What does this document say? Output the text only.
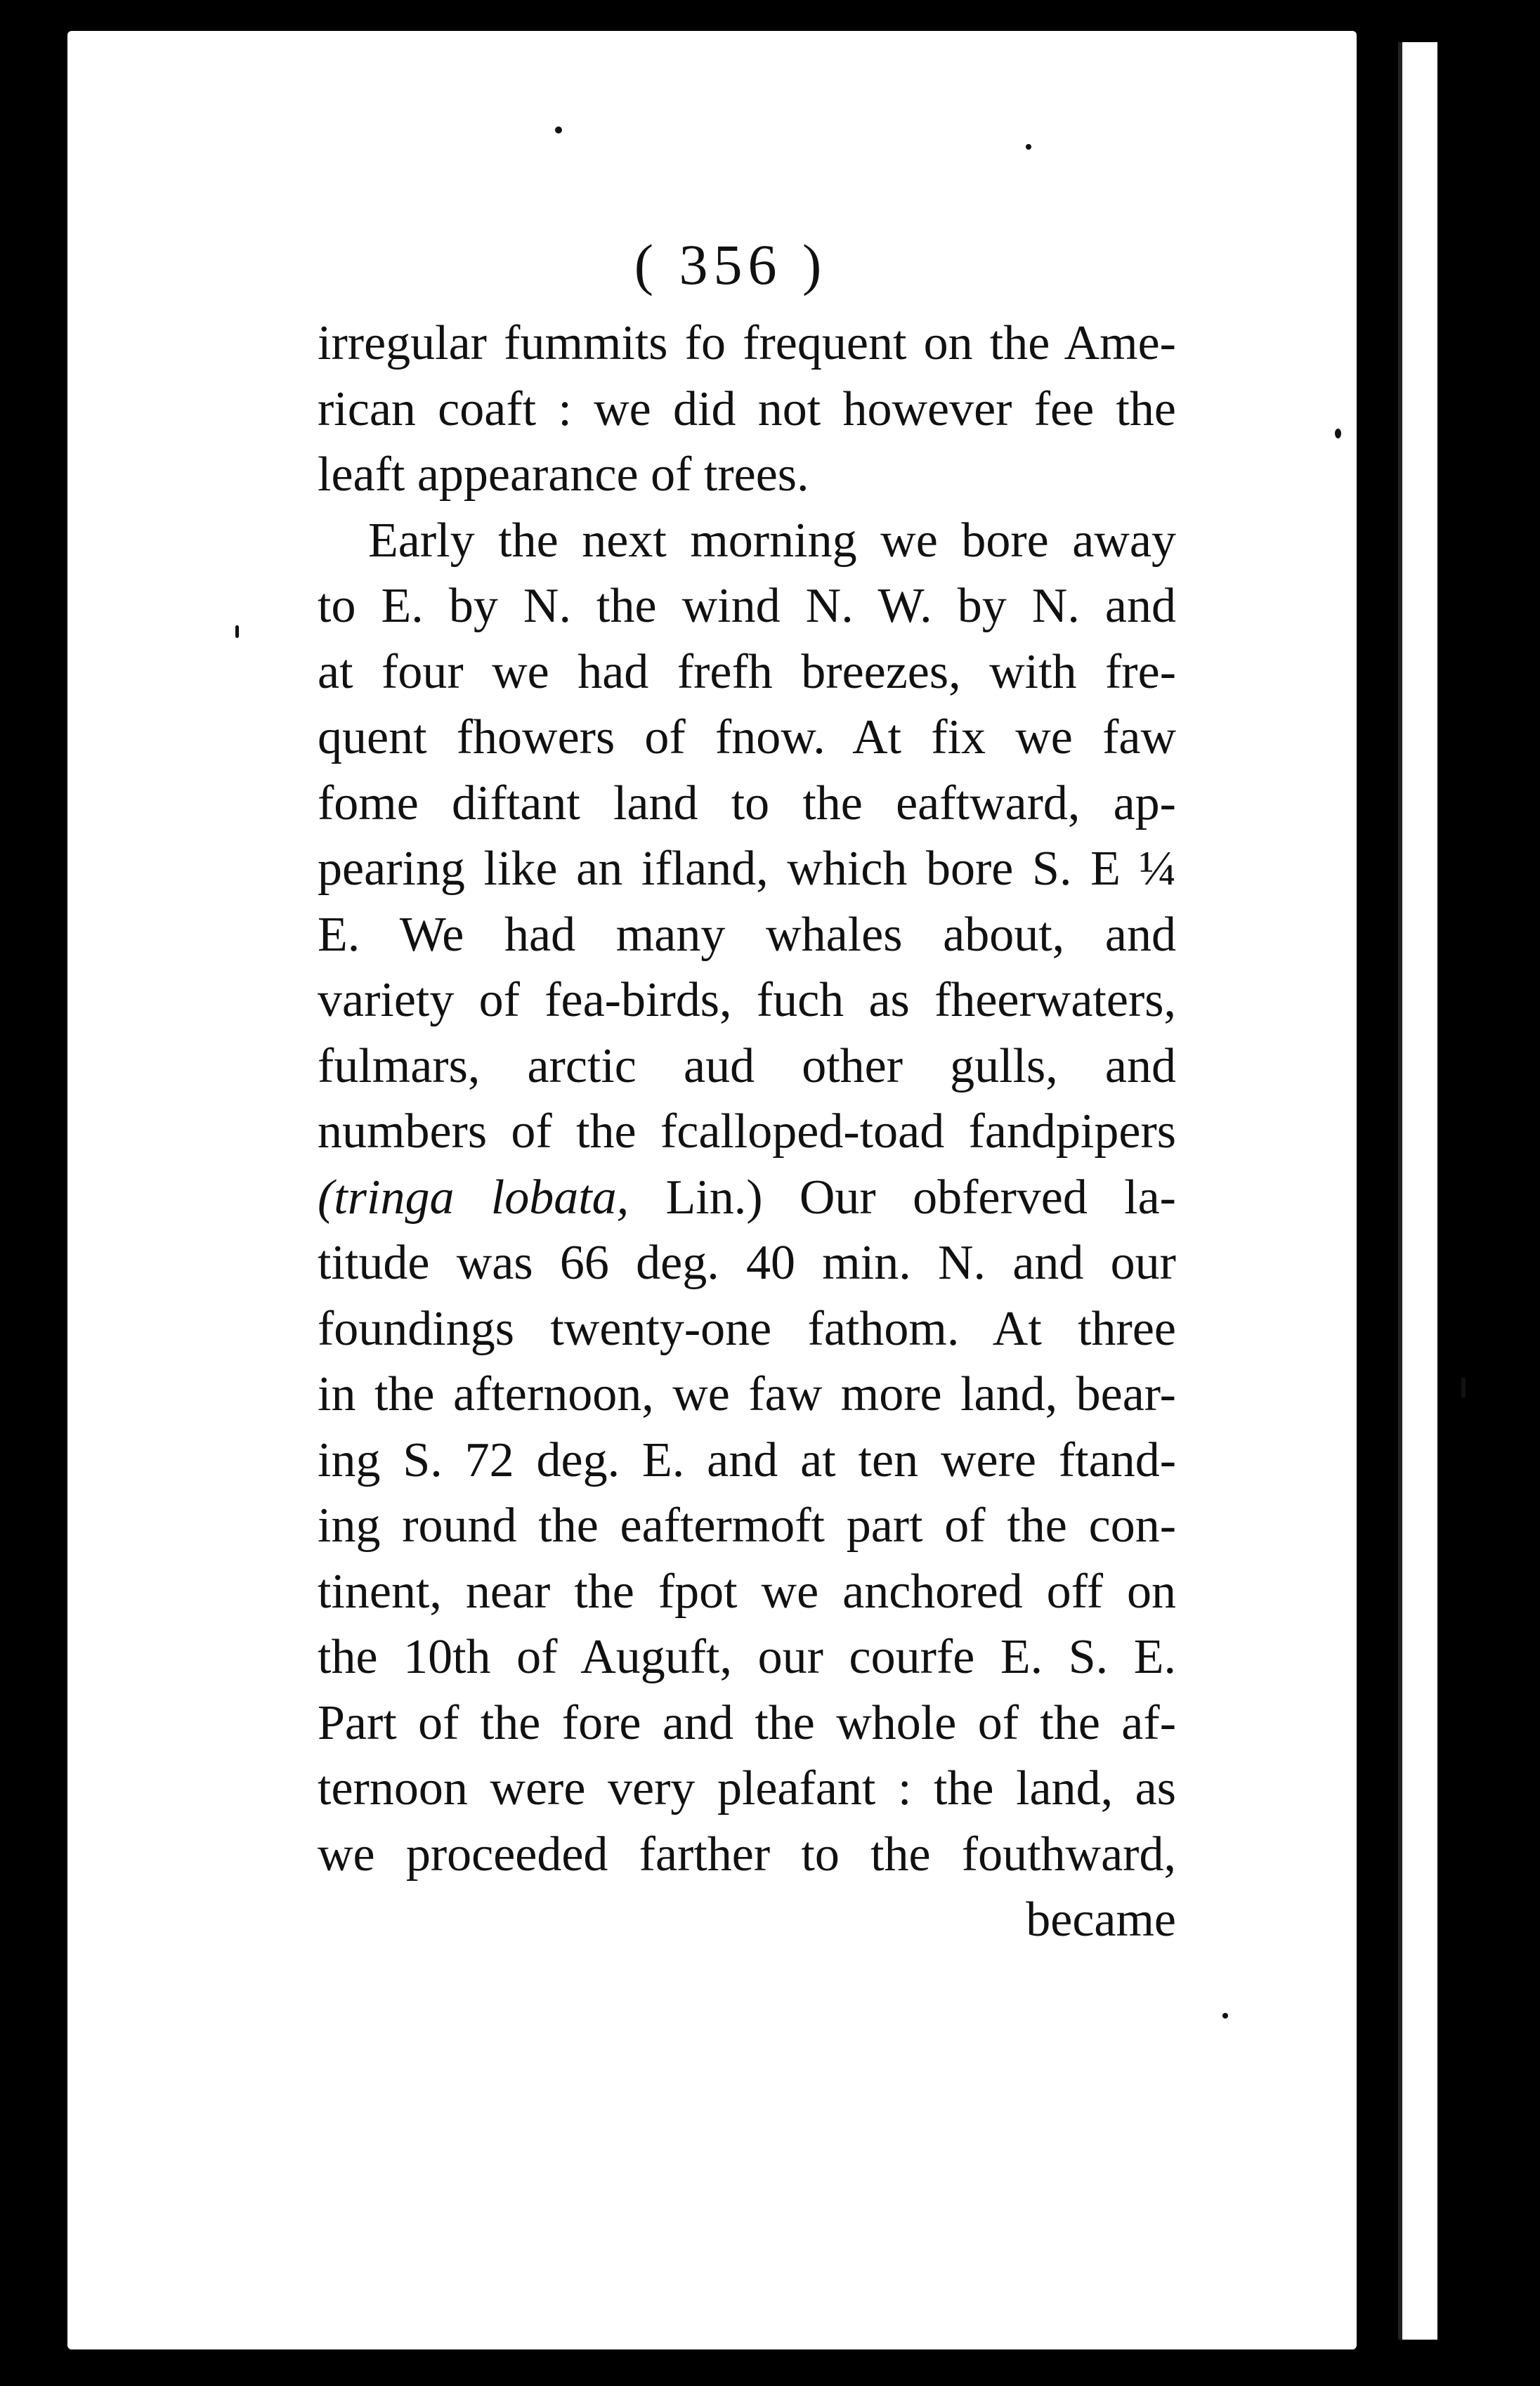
( 356 )
irregular fummits fo frequent on the Ame-
rican coaft : we did not however fee the
leaft appearance of trees.
Early the next morning we bore away
to E. by N. the wind N. W. by N. and
at four we had frefh breezes, with fre-
quent fhowers of fnow. At fix we faw
fome diftant land to the eaftward, ap-
pearing like an ifland, which bore S. E ¼
E. We had many whales about, and
variety of fea-birds, fuch as fheerwaters,
fulmars, arctic aud other gulls, and
numbers of the fcalloped-toad fandpipers
(tringa lobata, Lin.) Our obferved la-
titude was 66 deg. 40 min. N. and our
foundings twenty-one fathom. At three
in the afternoon, we faw more land, bear-
ing S. 72 deg. E. and at ten were ftand-
ing round the eaftermoft part of the con-
tinent, near the fpot we anchored off on
the 10th of Auguft, our courfe E. S. E.
Part of the fore and the whole of the af-
ternoon were very pleafant : the land, as
we proceeded farther to the fouthward,
became
